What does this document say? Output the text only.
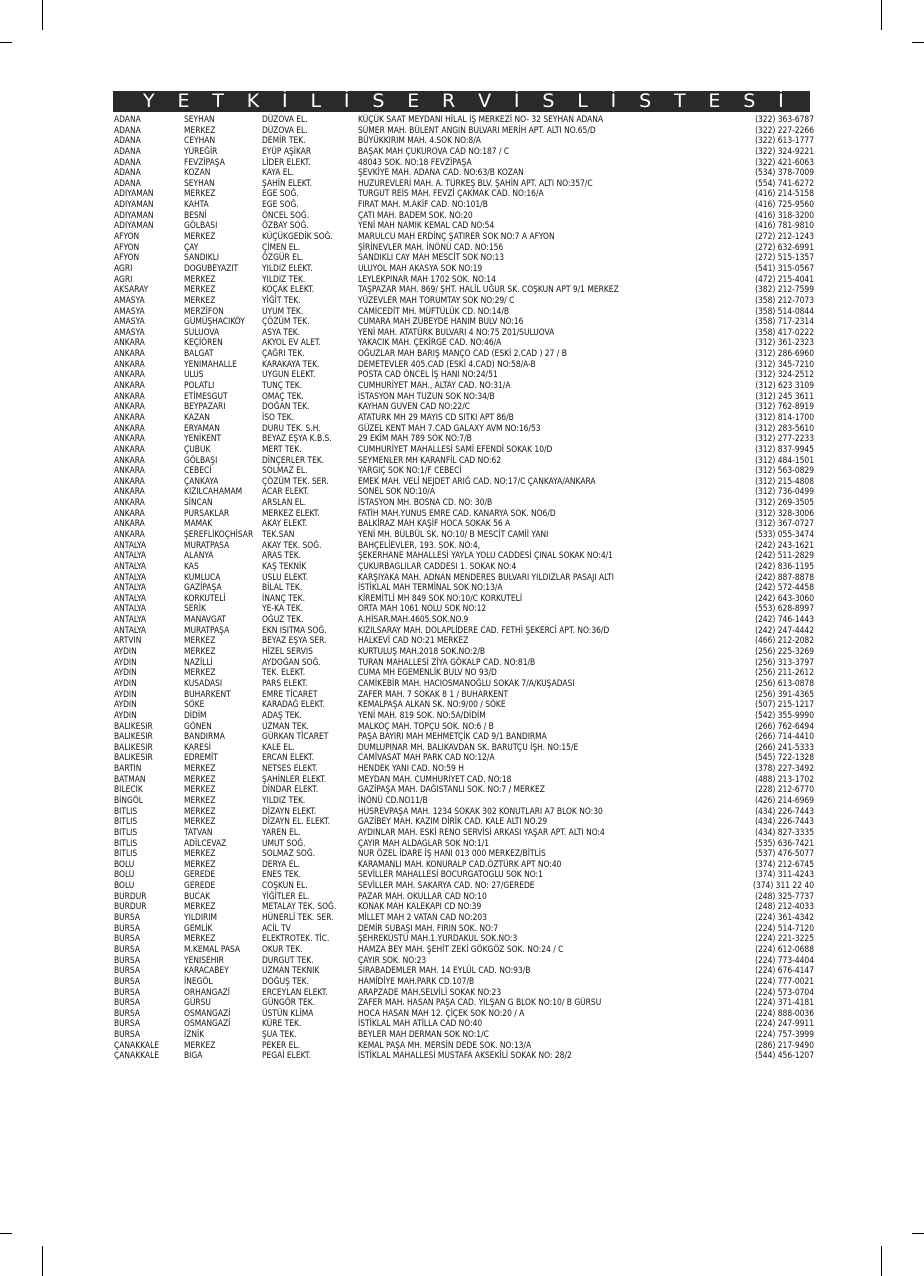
Y E T K İ L İ S E R V İ S L İ S T E S İ
ADANA	SEYHAN	DÜZOVA EL.	KÜÇÜK SAAT MEYDANI HİLAL İŞ MERKEZİ NO- 32 SEYHAN ADANA	(322) 363-6787
ADANA	MERKEZ	DÜZOVA EL.	SÜMER MAH. BÜLENT ANGIN BULVARI MERİH APT. ALTI NO.65/D	(322) 227-2266
ADANA	CEYHAN	DEMİR TEK.	BÜYÜKKIRIM MAH. 4.SOK NO:8/A	(322) 613-1777
ADANA	YÜREĞİR	EYÜP AŞİKAR	BAŞAK MAH ÇUKUROVA CAD NO:187 / C	(322) 324-9221
ADANA	FEVZİPAŞA	LİDER ELEKT.	48043 SOK. NO:18 FEVZİPAŞA	(322) 421-6063
ADANA	KOZAN	KAYA EL.	ŞEVKİYE MAH. ADANA CAD. NO:63/B KOZAN	(534) 378-7009
ADANA	SEYHAN	ŞAHİN ELEKT.	HUZUREVLERİ MAH. A. TÜRKEŞ BLV. ŞAHİN APT. ALTI NO:357/C	(554) 741-6272
ADIYAMAN	MERKEZ	EGE SOĞ.	TURGUT REİS MAH. FEVZİ ÇAKMAK CAD. NO:16/A	(416) 214-5158
ADIYAMAN	KAHTA	EGE SOĞ.	FIRAT MAH. M.AKİF CAD. NO:101/B	(416) 725-9560
ADIYAMAN	BESNİ	ÖNCEL SOĞ.	ÇATI MAH. BADEM SOK. NO:20	(416) 318-3200
ADIYAMAN	GÖLBASI	ÖZBAY SOĞ.	YENİ MAH NAMIK KEMAL CAD NO:54	(416) 781-9810
AFYON	MERKEZ	KÜÇÜKGEDİK SOĞ.	MARULCU MAH ERDİNÇ ŞATIRER SOK NO:7 A AFYON	(272) 212-1243
AFYON	ÇAY	ÇİMEN EL.	ŞİRİNEVLER MAH. İNÖNÜ CAD. NO:156	(272) 632-6991
AFYON	SANDIKLI	ÖZGÜR EL.	SANDIKLI CAY MAH MESCİT SOK NO:13	(272) 515-1357
AGRI	DOGUBEYAZIT	YILDIZ ELEKT.	ULUYOL MAH AKASYA SOK NO:19	(541) 315-0567
AGRI	MERKEZ	YILDIZ TEK.	LEYLEKPINAR MAH 1702 SOK. NO:14	(472) 215-4041
AKSARAY	MERKEZ	KOÇAK ELEKT.	TAŞPAZAR MAH. 869/ ŞHT. HALİL UĞUR SK. COŞKUN APT 9/1 MERKEZ	(382) 212-7599
AMASYA	MERKEZ	YİĞİT TEK.	YÜZEVLER MAH TORUMTAY SOK NO:29/ C	(358) 212-7073
AMASYA	MERZİFON	UYUM TEK.	CAMİCEDİT MH. MÜFTÜLÜK CD. NO:14/B	(358) 514-0844
AMASYA	GÜMÜŞHACIKÖY	ÇÖZÜM TEK.	CUMARA MAH ZÜBEYDE HANIM BULV NO:16	(358) 717-2314
AMASYA	SULUOVA	ASYA TEK.	YENİ MAH. ATATÜRK BULVARI 4 NO:75 Z01/SULUOVA	(358) 417-0222
ANKARA	KEÇİÖREN	AKYOL EV ALET.	YAKACIK MAH. ÇEKİRGE CAD. NO:46/A	(312) 361-2323
ANKARA	BALGAT	ÇAĞRI TEK.	OĞUZLAR MAH BARIŞ MANÇO CAD (ESKİ 2.CAD ) 27 / B	(312) 286-6960
ANKARA	YENIMAHALLE	KARAKAYA TEK.	DEMETEVLER 405.CAD (ESKİ 4.CAD) NO:58/A-B	(312) 345-7210
ANKARA	ULUS	UYGUN ELEKT.	POSTA CAD ÖNCEL İŞ HANI NO:24/51	(312) 324-2512
ANKARA	POLATLI	TUNÇ TEK.	CUMHURİYET MAH., ALTAY CAD. NO:31/A	(312) 623 3109
ANKARA	ETİMESGUT	OMAÇ TEK.	İSTASYON MAH TUZUN SOK NO:34/B	(312) 245 3611
ANKARA	BEYPAZARI	DOĞAN TEK.	KAYHAN GUVEN CAD NO:22/C	(312) 762-8919
ANKARA	KAZAN	İSO TEK.	ATATURK MH 29 MAYIS CD SITKI APT 86/B	(312) 814-1700
ANKARA	ERYAMAN	DURU TEK. S.H.	GÜZEL KENT MAH 7.CAD GALAXY AVM NO:16/53	(312) 283-5610
ANKARA	YENİKENT	BEYAZ EŞYA K.B.S.	29 EKİM MAH 789 SOK NO:7/B	(312) 277-2233
ANKARA	ÇUBUK	MERT TEK.	CUMHURİYET MAHALLESİ SAMİ EFENDİ SOKAK 10/D	(312) 837-9945
ANKARA	GÖLBAŞI	DİNÇERLER TEK.	SEYMENLER MH KARANFİL CAD NO:62	(312) 484-1501
ANKARA	CEBECİ	SOLMAZ EL.	YARGIÇ SOK NO:1/F CEBECİ	(312) 563-0829
ANKARA	ÇANKAYA	ÇÖZÜM TEK. SER.	EMEK MAH. VELİ NEJDET ARIĞ CAD. NO:17/C ÇANKAYA/ANKARA	(312) 215-4808
ANKARA	KIZILCAHAMAM	ACAR ELEKT.	SONEL SOK NO:10/A	(312) 736-0499
ANKARA	SİNCAN	ARSLAN EL.	İSTASYON MH. BOSNA CD. NO: 30/B	(312) 269-3505
ANKARA	PURSAKLAR	MERKEZ ELEKT.	FATİH MAH.YUNUS EMRE CAD. KANARYA SOK. NO6/D	(312) 328-3006
ANKARA	MAMAK	AKAY ELEKT.	BALKİRAZ MAH KAŞİF HOCA SOKAK 56 A	(312) 367-0727
ANKARA	ŞEREFLİKOÇHİSAR	TEK.SAN	YENİ MH. BÜLBÜL SK. NO:10/ B MESCİT CAMİİ YANI	(533) 055-3474
ANTALYA	MURATPASA	AKAY TEK. SOĞ.	BAHÇELİEVLER, 193. SOK. NO:4,	(242) 243-1621
ANTALYA	ALANYA	ARAS TEK.	ŞEKERHANE MAHALLESİ YAYLA YOLU CADDESİ ÇINAL SOKAK NO:4/1	(242) 511-2829
ANTALYA	KAS	KAŞ TEKNİK	ÇUKURBAGLILAR CADDESI 1. SOKAK NO:4	(242) 836-1195
ANTALYA	KUMLUCA	USLU ELEKT.	KARŞIYAKA MAH. ADNAN MENDERES BULVARI YILDIZLAR PASAJI ALTI	(242) 887-8878
ANTALYA	GAZİPAŞA	BİLAL TEK.	İSTİKLAL MAH TERMİNAL SOK NO:13/A	(242) 572-4458
ANTALYA	KORKUTELİ	İNANÇ TEK.	KİREMİTLİ MH 849 SOK NO:10/C KORKUTELİ	(242) 643-3060
ANTALYA	SERİK	YE-KA TEK.	ORTA MAH 1061 NOLU SOK NO:12	(553) 628-8997
ANTALYA	MANAVGAT	OĞUZ TEK.	A.HİSAR.MAH.4605.SOK.NO.9	(242) 746-1443
ANTALYA	MURATPAŞA	EKN ISITMA SOĞ.	KIZILSARAY MAH. DOLAPLİDERE CAD. FETHİ ŞEKERCİ APT. NO:36/D	(242) 247-4442
ARTVIN	MERKEZ	BEYAZ EŞYA SER.	HALKEVİ CAD NO:21 MERKEZ	(466) 212-2082
AYDIN	MERKEZ	HİZEL SERVIS	KURTULUŞ MAH.2018 SOK.NO:2/B	(256) 225-3269
AYDIN	NAZİLLİ	AYDOĞAN SOĞ.	TURAN MAHALLESİ ZİYA GÖKALP CAD. NO:81/B	(256) 313-3797
AYDIN	MERKEZ	TEK. ELEKT.	CUMA MH EGEMENLİK BULV NO 93/D	(256) 211-2612
AYDIN	KUSADASI	PARS ELEKT.	CAMİKEBİR MAH. HACIOSMANOĞLU SOKAK 7/A/KUŞADASI	(256) 613-0878
AYDIN	BUHARKENT	EMRE TİCARET	ZAFER MAH. 7 SOKAK 8 1 / BUHARKENT	(256) 391-4365
AYDIN	SÖKE	KARADAĞ ELEKT.	KEMALPAŞA ALKAN SK. NO:9/00 / SÖKE	(507) 215-1217
AYDIN	DİDİM	ADAŞ TEK.	YENİ MAH. 819 SOK. NO:5A/DİDİM	(542) 355-9990
BALIKESIR	GÖNEN	UZMAN TEK.	MALKOÇ MAH. TOPÇU SOK. NO:6 / B	(266) 762-6494
BALIKESIR	BANDIRMA	GÜRKAN TİCARET	PAŞA BAYIRI MAH MEHMETÇİK CAD 9/1 BANDIRMA	(266) 714-4410
BALIKESIR	KARESİ	KALE EL.	DUMLUPINAR MH. BALIKAVDAN SK. BARUTÇU İŞH. NO:15/E	(266) 241-5333
BALIKESIR	EDREMİT	ERCAN ELEKT.	CAMİVASAT MAH PARK CAD NO:12/A	(545) 722-1328
BARTIN	MERKEZ	NETSES ELEKT.	HENDEK YANI CAD. NO:59 H	(378) 227-3492
BATMAN	MERKEZ	ŞAHİNLER ELEKT.	MEYDAN MAH. CUMHURIYET CAD. NO:18	(488) 213-1702
BILECIK	MERKEZ	DİNDAR ELEKT.	GAZİPAŞA MAH. DAĞISTANLI SOK. NO:7 / MERKEZ	(228) 212-6770
BİNGÖL	MERKEZ	YILDIZ TEK.	İNÖNÜ CD.NO11/B	(426) 214-6969
BITLIS	MERKEZ	DİZAYN ELEKT.	HÜSREVPAŞA MAH. 1234 SOKAK 302 KONUTLARI A7 BLOK NO:30	(434) 226-7443
BITLIS	MERKEZ	DİZAYN EL. ELEKT.	GAZİBEY MAH. KAZIM DİRİK CAD. KALE ALTI NO.29	(434) 226-7443
BITLIS	TATVAN	YAREN EL.	AYDINLAR MAH. ESKİ RENO SERVİSİ ARKASI YAŞAR APT. ALTI NO:4	(434) 827-3335
BITLIS	ADİLCEVAZ	UMUT SOĞ.	ÇAYIR MAH ALDAGLAR SOK NO:1/1	(535) 636-7421
BITLIS	MERKEZ	SOLMAZ SOĞ.	NUR ÖZEL İDARE İŞ HANI 013 000 MERKEZ/BİTLİS	(537) 476-5077
BOLU	MERKEZ	DERYA EL.	KARAMANLI MAH. KONURALP CAD.ÖZTÜRK APT NO:40	(374) 212-6745
BOLU	GEREDE	ENES TEK.	SEVİLLER MAHALLESİ BOCURGATOGLU SOK NO:1	(374) 311-4243
BOLU	GEREDE	COŞKUN EL.	SEVİLLER MAH. SAKARYA CAD. NO: 27/GEREDE	(374) 311 22 40
BURDUR	BUCAK	YİĞİTLER EL.	PAZAR MAH. OKULLAR CAD NO:10	(248) 325-7737
BURDUR	MERKEZ	METALAY TEK. SOĞ.	KONAK MAH KALEKAPI CD NO:39	(248) 212-4033
BURSA	YILDIRIM	HÜNERLİ TEK. SER.	MİLLET MAH 2 VATAN CAD NO:203	(224) 361-4342
BURSA	GEMLİK	ACİL TV	DEMİR SUBAŞI MAH. FIRIN SOK. NO:7	(224) 514-7120
BURSA	MERKEZ	ELEKTROTEK. TİC.	ŞEHREKÜSTÜ MAH.1.YURDAKUL SOK.NO:3	(224) 221-3225
BURSA	M.KEMAL PASA	OKUR TEK.	HAMZA BEY MAH. ŞEHİT ZEKİ GÖKGÖZ SOK. NO:24 / C	(224) 612-0688
BURSA	YENISEHIR	DURGUT TEK.	ÇAYIR SOK. NO:23	(224) 773-4404
BURSA	KARACABEY	UZMAN TEKNIK	SIRABADEMLER MAH. 14 EYLÜL CAD. NO:93/B	(224) 676-4147
BURSA	İNEGÖL	DOĞUŞ TEK.	HAMİDİYE MAH.PARK CD.107/B	(224) 777-0021
BURSA	ORHANGAZİ	ERCEYLAN ELEKT.	ARAPZADE MAH.SELVİLİ SOKAK NO:23	(224) 573-0704
BURSA	GÜRSU	GÜNGÖR TEK.	ZAFER MAH. HASAN PAŞA CAD. YILŞAN G BLOK NO:10/ B GÜRSU	(224) 371-4181
BURSA	OSMANGAZİ	ÜSTÜN KLİMA	HOCA HASAN MAH 12. ÇİÇEK SOK NO:20 / A	(224) 888-0036
BURSA	OSMANGAZİ	KÜRE TEK.	İSTİKLAL MAH ATİLLA CAD NO:40	(224) 247-9911
BURSA	İZNİK	ŞUA TEK.	BEYLER MAH DERMAN SOK NO:1/C	(224) 757-3999
ÇANAKKALE	MERKEZ	PEKER EL.	KEMAL PAŞA MH. MERSİN DEDE SOK. NO:13/A	(286) 217-9490
ÇANAKKALE	BIGA	PEGAİ ELEKT.	İSTİKLAL MAHALLESİ MUSTAFA AKSEKİLİ SOKAK NO: 28/2	(544) 456-1207
